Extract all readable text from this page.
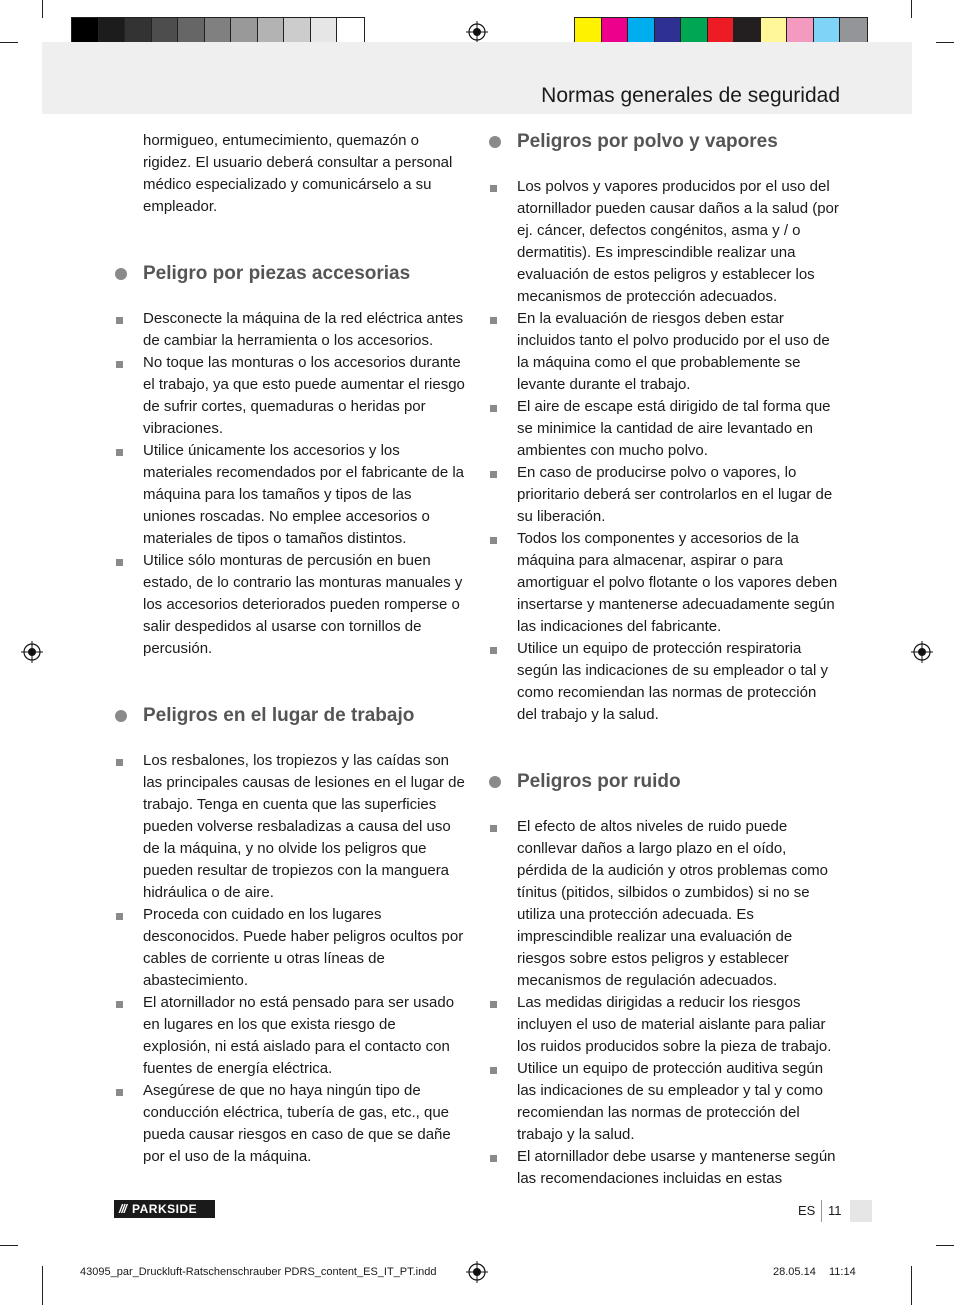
Normas generales de seguridad

hormigueo, entumecimiento, quemazón o rigidez. El usuario deberá consultar a personal médico especializado y comunicárselo a su empleador.

Peligro por piezas accesorias
Desconecte la máquina de la red eléctrica antes de cambiar la herramienta o los accesorios.
No toque las monturas o los accesorios durante el trabajo, ya que esto puede aumentar el riesgo de sufrir cortes, quemaduras o heridas por vibraciones.
Utilice únicamente los accesorios y los materiales recomendados por el fabricante de la máquina para los tamaños y tipos de las uniones roscadas. No emplee accesorios o materiales de tipos o tamaños distintos.
Utilice sólo monturas de percusión en buen estado, de lo contrario las monturas manuales y los accesorios deteriorados pueden romperse o salir despedidos al usarse con tornillos de percusión.
Peligros en el lugar de trabajo
Los resbalones, los tropiezos y las caídas son las principales causas de lesiones en el lugar de trabajo. Tenga en cuenta que las superficies pueden volverse resbaladizas a causa del uso de la máquina, y no olvide los peligros que pueden resultar de tropiezos con la manguera hidráulica o de aire.
Proceda con cuidado en los lugares desconocidos. Puede haber peligros ocultos por cables de corriente u otras líneas de abastecimiento.
El atornillador no está pensado para ser usado en lugares en los que exista riesgo de explosión, ni está aislado para el contacto con fuentes de energía eléctrica.
Asegúrese de que no haya ningún tipo de conducción eléctrica, tubería de gas, etc., que pueda causar riesgos en caso de que se dañe por el uso de la máquina.
Peligros por polvo y vapores
Los polvos y vapores producidos por el uso del atornillador pueden causar daños a la salud (por ej. cáncer, defectos congénitos, asma y / o dermatitis). Es imprescindible realizar una evaluación de estos peligros y establecer los mecanismos de protección adecuados.
En la evaluación de riesgos deben estar incluidos tanto el polvo producido por el uso de la máquina como el que probablemente se levante durante el trabajo.
El aire de escape está dirigido de tal forma que se minimice la cantidad de aire levantado en ambientes con mucho polvo.
En caso de producirse polvo o vapores, lo prioritario deberá ser controlarlos en el lugar de su liberación.
Todos los componentes y accesorios de la máquina para almacenar, aspirar o para amortiguar el polvo flotante o los vapores deben insertarse y mantenerse adecuadamente según las indicaciones del fabricante.
Utilice un equipo de protección respiratoria según las indicaciones de su empleador o tal y como recomiendan las normas de protección del trabajo y la salud.
Peligros por ruido
El efecto de altos niveles de ruido puede conllevar daños a largo plazo en el oído, pérdida de la audición y otros problemas como tínitus (pitidos, silbidos o zumbidos) si no se utiliza una protección adecuada. Es imprescindible realizar una evaluación de riesgos sobre estos peligros y establecer mecanismos de regulación adecuados.
Las medidas dirigidas a reducir los riesgos incluyen el uso de material aislante para paliar los ruidos producidos sobre la pieza de trabajo.
Utilice un equipo de protección auditiva según las indicaciones de su empleador y tal y como recomiendan las normas de protección del trabajo y la salud.
El atornillador debe usarse y mantenerse según las recomendaciones incluidas en estas
/// PARKSIDE	ES 11
43095_par_Druckluft-Ratschenschrauber PDRS_content_ES_IT_PT.indd	28.05.14 11:14
